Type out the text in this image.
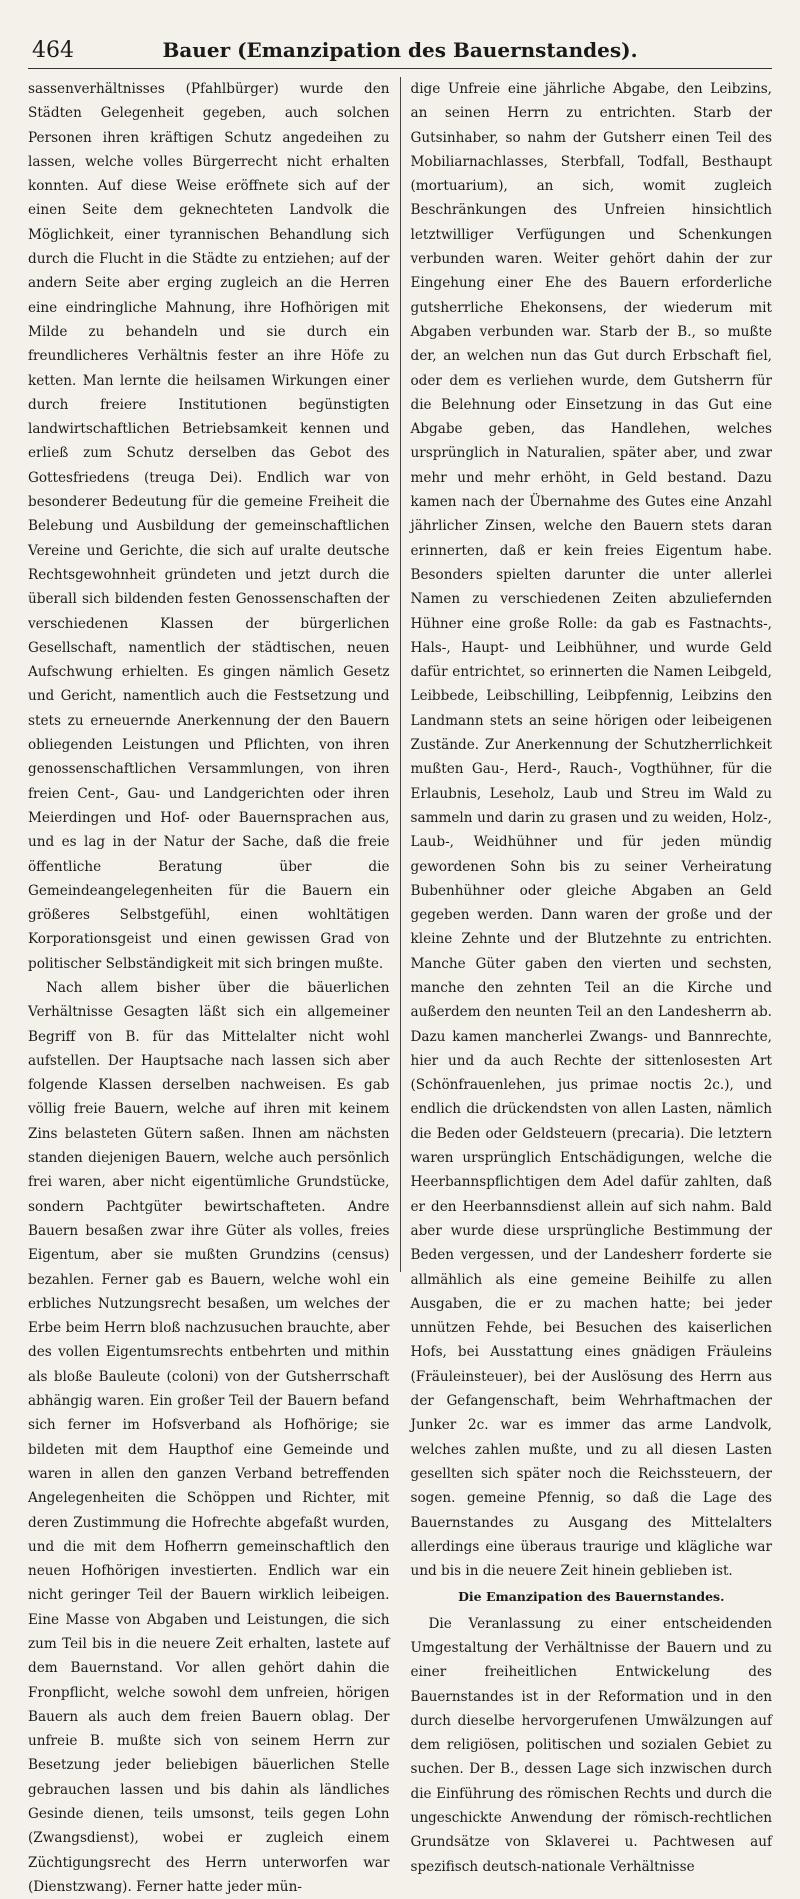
464	Bauer (Emanzipation des Bauernstandes).

sassenverhältnisses (Pfahlbürger) wurde den Städten Gelegenheit gegeben, auch solchen Personen ihren kräftigen Schutz angedeihen zu lassen, welche volles Bürgerrecht nicht erhalten konnten. Auf diese Weise eröffnete sich auf der einen Seite dem geknechteten Landvolk die Möglichkeit, einer tyrannischen Behandlung sich durch die Flucht in die Städte zu entziehen; auf der andern Seite aber erging zugleich an die Herren eine eindringliche Mahnung, ihre Hofhörigen mit Milde zu behandeln und sie durch ein freundlicheres Verhältnis fester an ihre Höfe zu ketten. Man lernte die heilsamen Wirkungen einer durch freiere Institutionen begünstigten landwirtschaftlichen Betriebsamkeit kennen und erließ zum Schutz derselben das Gebot des Gottesfriedens (treuga Dei). Endlich war von besonderer Bedeutung für die gemeine Freiheit die Belebung und Ausbildung der gemeinschaftlichen Vereine und Gerichte, die sich auf uralte deutsche Rechtsgewohnheit gründeten und jetzt durch die überall sich bildenden festen Genossenschaften der verschiedenen Klassen der bürgerlichen Gesellschaft, namentlich der städtischen, neuen Aufschwung erhielten. Es gingen nämlich Gesetz und Gericht, namentlich auch die Festsetzung und stets zu erneuernde Anerkennung der den Bauern obliegenden Leistungen und Pflichten, von ihren genossenschaftlichen Versammlungen, von ihren freien Cent-, Gau- und Landgerichten oder ihren Meierdingen und Hof- oder Bauernsprachen aus, und es lag in der Natur der Sache, daß die freie öffentliche Beratung über die Gemeindeangelegenheiten für die Bauern ein größeres Selbstgefühl, einen wohltätigen Korporationsgeist und einen gewissen Grad von politischer Selbständigkeit mit sich bringen mußte.

Nach allem bisher über die bäuerlichen Verhältnisse Gesagten läßt sich ein allgemeiner Begriff von B. für das Mittelalter nicht wohl aufstellen. Der Hauptsache nach lassen sich aber folgende Klassen derselben nachweisen. Es gab völlig freie Bauern, welche auf ihren mit keinem Zins belasteten Gütern saßen. Ihnen am nächsten standen diejenigen Bauern, welche auch persönlich frei waren, aber nicht eigentümliche Grundstücke, sondern Pachtgüter bewirtschafteten. Andre Bauern besaßen zwar ihre Güter als volles, freies Eigentum, aber sie mußten Grundzins (census) bezahlen. Ferner gab es Bauern, welche wohl ein erbliches Nutzungsrecht besaßen, um welches der Erbe beim Herrn bloß nachzusuchen brauchte, aber des vollen Eigentumsrechts entbehrten und mithin als bloße Bauleute (coloni) von der Gutsherrschaft abhängig waren. Ein großer Teil der Bauern befand sich ferner im Hofsverband als Hofhörige; sie bildeten mit dem Haupthof eine Gemeinde und waren in allen den ganzen Verband betreffenden Angelegenheiten die Schöppen und Richter, mit deren Zustimmung die Hofrechte abgefaßt wurden, und die mit dem Hofherrn gemeinschaftlich den neuen Hofhörigen investierten. Endlich war ein nicht geringer Teil der Bauern wirklich leibeigen. Eine Masse von Abgaben und Leistungen, die sich zum Teil bis in die neuere Zeit erhalten, lastete auf dem Bauernstand. Vor allen gehört dahin die Fronpflicht, welche sowohl dem unfreien, hörigen Bauern als auch dem freien Bauern oblag. Der unfreie B. mußte sich von seinem Herrn zur Besetzung jeder beliebigen bäuerlichen Stelle gebrauchen lassen und bis dahin als ländliches Gesinde dienen, teils umsonst, teils gegen Lohn (Zwangsdienst), wobei er zugleich einem Züchtigungsrecht des Herrn unterworfen war (Dienstzwang). Ferner hatte jeder mün-

dige Unfreie eine jährliche Abgabe, den Leibzins, an seinen Herrn zu entrichten. Starb der Gutsinhaber, so nahm der Gutsherr einen Teil des Mobiliarnachlasses, Sterbfall, Todfall, Besthaupt (mortuarium), an sich, womit zugleich Beschränkungen des Unfreien hinsichtlich letztwilliger Verfügungen und Schenkungen verbunden waren. Weiter gehört dahin der zur Eingehung einer Ehe des Bauern erforderliche gutsherrliche Ehekonsens, der wiederum mit Abgaben verbunden war. Starb der B., so mußte der, an welchen nun das Gut durch Erbschaft fiel, oder dem es verliehen wurde, dem Gutsherrn für die Belehnung oder Einsetzung in das Gut eine Abgabe geben, das Handlehen, welches ursprünglich in Naturalien, später aber, und zwar mehr und mehr erhöht, in Geld bestand. Dazu kamen nach der Übernahme des Gutes eine Anzahl jährlicher Zinsen, welche den Bauern stets daran erinnerten, daß er kein freies Eigentum habe. Besonders spielten darunter die unter allerlei Namen zu verschiedenen Zeiten abzuliefernden Hühner eine große Rolle: da gab es Fastnachts-, Hals-, Haupt- und Leibhühner, und wurde Geld dafür entrichtet, so erinnerten die Namen Leibgeld, Leibbede, Leibschilling, Leibpfennig, Leibzins den Landmann stets an seine hörigen oder leibeigenen Zustände. Zur Anerkennung der Schutzherrlichkeit mußten Gau-, Herd-, Rauch-, Vogthühner, für die Erlaubnis, Leseholz, Laub und Streu im Wald zu sammeln und darin zu grasen und zu weiden, Holz-, Laub-, Weidhühner und für jeden mündig gewordenen Sohn bis zu seiner Verheiratung Bubenhühner oder gleiche Abgaben an Geld gegeben werden. Dann waren der große und der kleine Zehnte und der Blutzehnte zu entrichten. Manche Güter gaben den vierten und sechsten, manche den zehnten Teil an die Kirche und außerdem den neunten Teil an den Landesherrn ab. Dazu kamen mancherlei Zwangs- und Bannrechte, hier und da auch Rechte der sittenlosesten Art (Schönfrauenlehen, jus primae noctis 2c.), und endlich die drückendsten von allen Lasten, nämlich die Beden oder Geldsteuern (precaria). Die letztern waren ursprünglich Entschädigungen, welche die Heerbannspflichtigen dem Adel dafür zahlten, daß er den Heerbannsdienst allein auf sich nahm. Bald aber wurde diese ursprüngliche Bestimmung der Beden vergessen, und der Landesherr forderte sie allmählich als eine gemeine Beihilfe zu allen Ausgaben, die er zu machen hatte; bei jeder unnützen Fehde, bei Besuchen des kaiserlichen Hofs, bei Ausstattung eines gnädigen Fräuleins (Fräuleinsteuer), bei der Auslösung des Herrn aus der Gefangenschaft, beim Wehrhaftmachen der Junker 2c. war es immer das arme Landvolk, welches zahlen mußte, und zu all diesen Lasten gesellten sich später noch die Reichssteuern, der sogen. gemeine Pfennig, so daß die Lage des Bauernstandes zu Ausgang des Mittelalters allerdings eine überaus traurige und klägliche war und bis in die neuere Zeit hinein geblieben ist.

Die Emanzipation des Bauernstandes.

Die Veranlassung zu einer entscheidenden Umgestaltung der Verhältnisse der Bauern und zu einer freiheitlichen Entwickelung des Bauernstandes ist in der Reformation und in den durch dieselbe hervorgerufenen Umwälzungen auf dem religiösen, politischen und sozialen Gebiet zu suchen. Der B., dessen Lage sich inzwischen durch die Einführung des römischen Rechts und durch die ungeschickte Anwendung der römisch-rechtlichen Grundsätze von Sklaverei u. Pachtwesen auf spezifisch deutsch-nationale Verhältnisse
